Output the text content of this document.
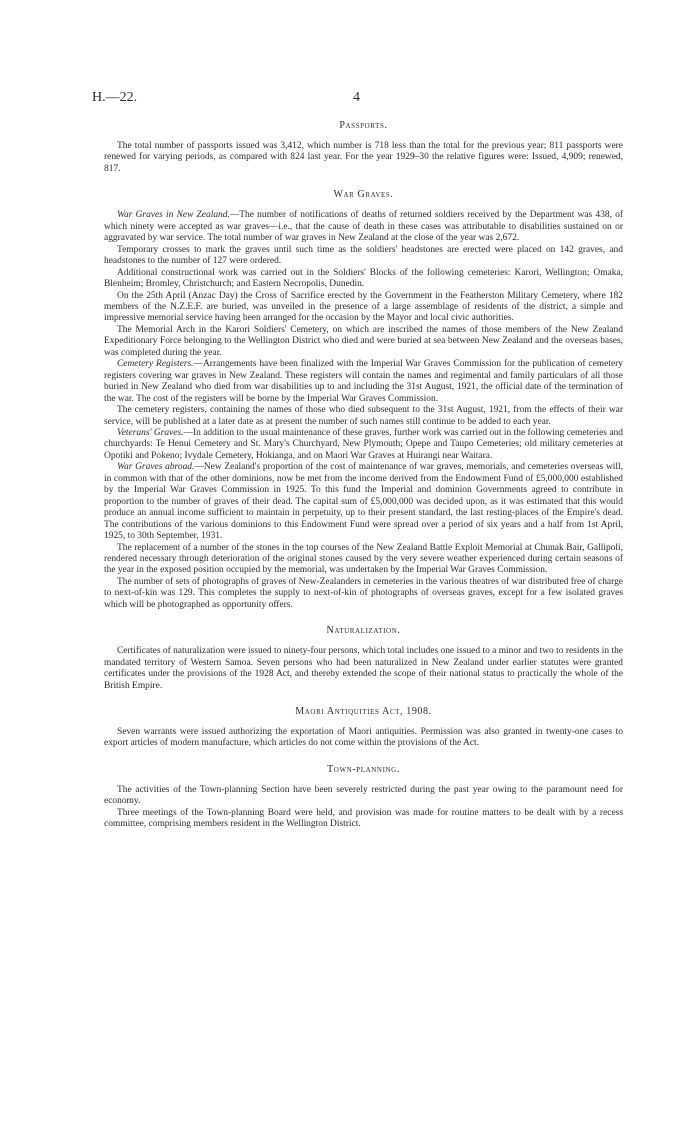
H.—22.	4
Passports.

The total number of passports issued was 3,412, which number is 718 less than the total for the previous year; 811 passports were renewed for varying periods, as compared with 824 last year. For the year 1929–30 the relative figures were: Issued, 4,909; renewed, 817.

War Graves.

War Graves in New Zealand.—The number of notifications of deaths of returned soldiers received by the Department was 438, of which ninety were accepted as war graves—i.e., that the cause of death in these cases was attributable to disabilities sustained on or aggravated by war service. The total number of war graves in New Zealand at the close of the year was 2,672.

Temporary crosses to mark the graves until such time as the soldiers' headstones are erected were placed on 142 graves, and headstones to the number of 127 were ordered.

Additional constructional work was carried out in the Soldiers' Blocks of the following cemeteries: Karori, Wellington; Omaka, Blenheim; Bromley, Christchurch; and Eastern Necropolis, Dunedin.

On the 25th April (Anzac Day) the Cross of Sacrifice erected by the Government in the Featherston Military Cemetery, where 182 members of the N.Z.E.F. are buried, was unveiled in the presence of a large assemblage of residents of the district, a simple and impressive memorial service having been arranged for the occasion by the Mayor and local civic authorities.

The Memorial Arch in the Karori Soldiers' Cemetery, on which are inscribed the names of those members of the New Zealand Expeditionary Force belonging to the Wellington District who died and were buried at sea between New Zealand and the overseas bases, was completed during the year.

Cemetery Registers.—Arrangements have been finalized with the Imperial War Graves Commission for the publication of cemetery registers covering war graves in New Zealand. These registers will contain the names and regimental and family particulars of all those buried in New Zealand who died from war disabilities up to and including the 31st August, 1921, the official date of the termination of the war. The cost of the registers will be borne by the Imperial War Graves Commission.

The cemetery registers, containing the names of those who died subsequent to the 31st August, 1921, from the effects of their war service, will be published at a later date as at present the number of such names still continue to be added to each year.

Veterans' Graves.—In addition to the usual maintenance of these graves, further work was carried out in the following cemeteries and churchyards: Te Henui Cemetery and St. Mary's Churchyard, New Plymouth; Opepe and Taupo Cemeteries; old military cemeteries at Opotiki and Pokeno; Ivydale Cemetery, Hokianga, and on Maori War Graves at Huirangi near Waitara.

War Graves abroad.—New Zealand's proportion of the cost of maintenance of war graves, memorials, and cemeteries overseas will, in common with that of the other dominions, now be met from the income derived from the Endowment Fund of £5,000,000 established by the Imperial War Graves Commission in 1925. To this fund the Imperial and dominion Governments agreed to contribute in proportion to the number of graves of their dead. The capital sum of £5,000,000 was decided upon, as it was estimated that this would produce an annual income sufficient to maintain in perpetuity, up to their present standard, the last resting-places of the Empire's dead. The contributions of the various dominions to this Endowment Fund were spread over a period of six years and a half from 1st April, 1925, to 30th September, 1931.

The replacement of a number of the stones in the top courses of the New Zealand Battle Exploit Memorial at Chunak Bair, Gallipoli, rendered necessary through deterioration of the original stones caused by the very severe weather experienced during certain seasons of the year in the exposed position occupied by the memorial, was undertaken by the Imperial War Graves Commission.

The number of sets of photographs of graves of New-Zealanders in cemeteries in the various theatres of war distributed free of charge to next-of-kin was 129. This completes the supply to next-of-kin of photographs of overseas graves, except for a few isolated graves which will be photographed as opportunity offers.

Naturalization.

Certificates of naturalization were issued to ninety-four persons, which total includes one issued to a minor and two to residents in the mandated territory of Western Samoa. Seven persons who had been naturalized in New Zealand under earlier statutes were granted certificates under the provisions of the 1928 Act, and thereby extended the scope of their national status to practically the whole of the British Empire.

Maori Antiquities Act, 1908.

Seven warrants were issued authorizing the exportation of Maori antiquities. Permission was also granted in twenty-one cases to export articles of modern manufacture, which articles do not come within the provisions of the Act.

Town-planning.

The activities of the Town-planning Section have been severely restricted during the past year owing to the paramount need for economy.

Three meetings of the Town-planning Board were held, and provision was made for routine matters to be dealt with by a recess committee, comprising members resident in the Wellington District.
